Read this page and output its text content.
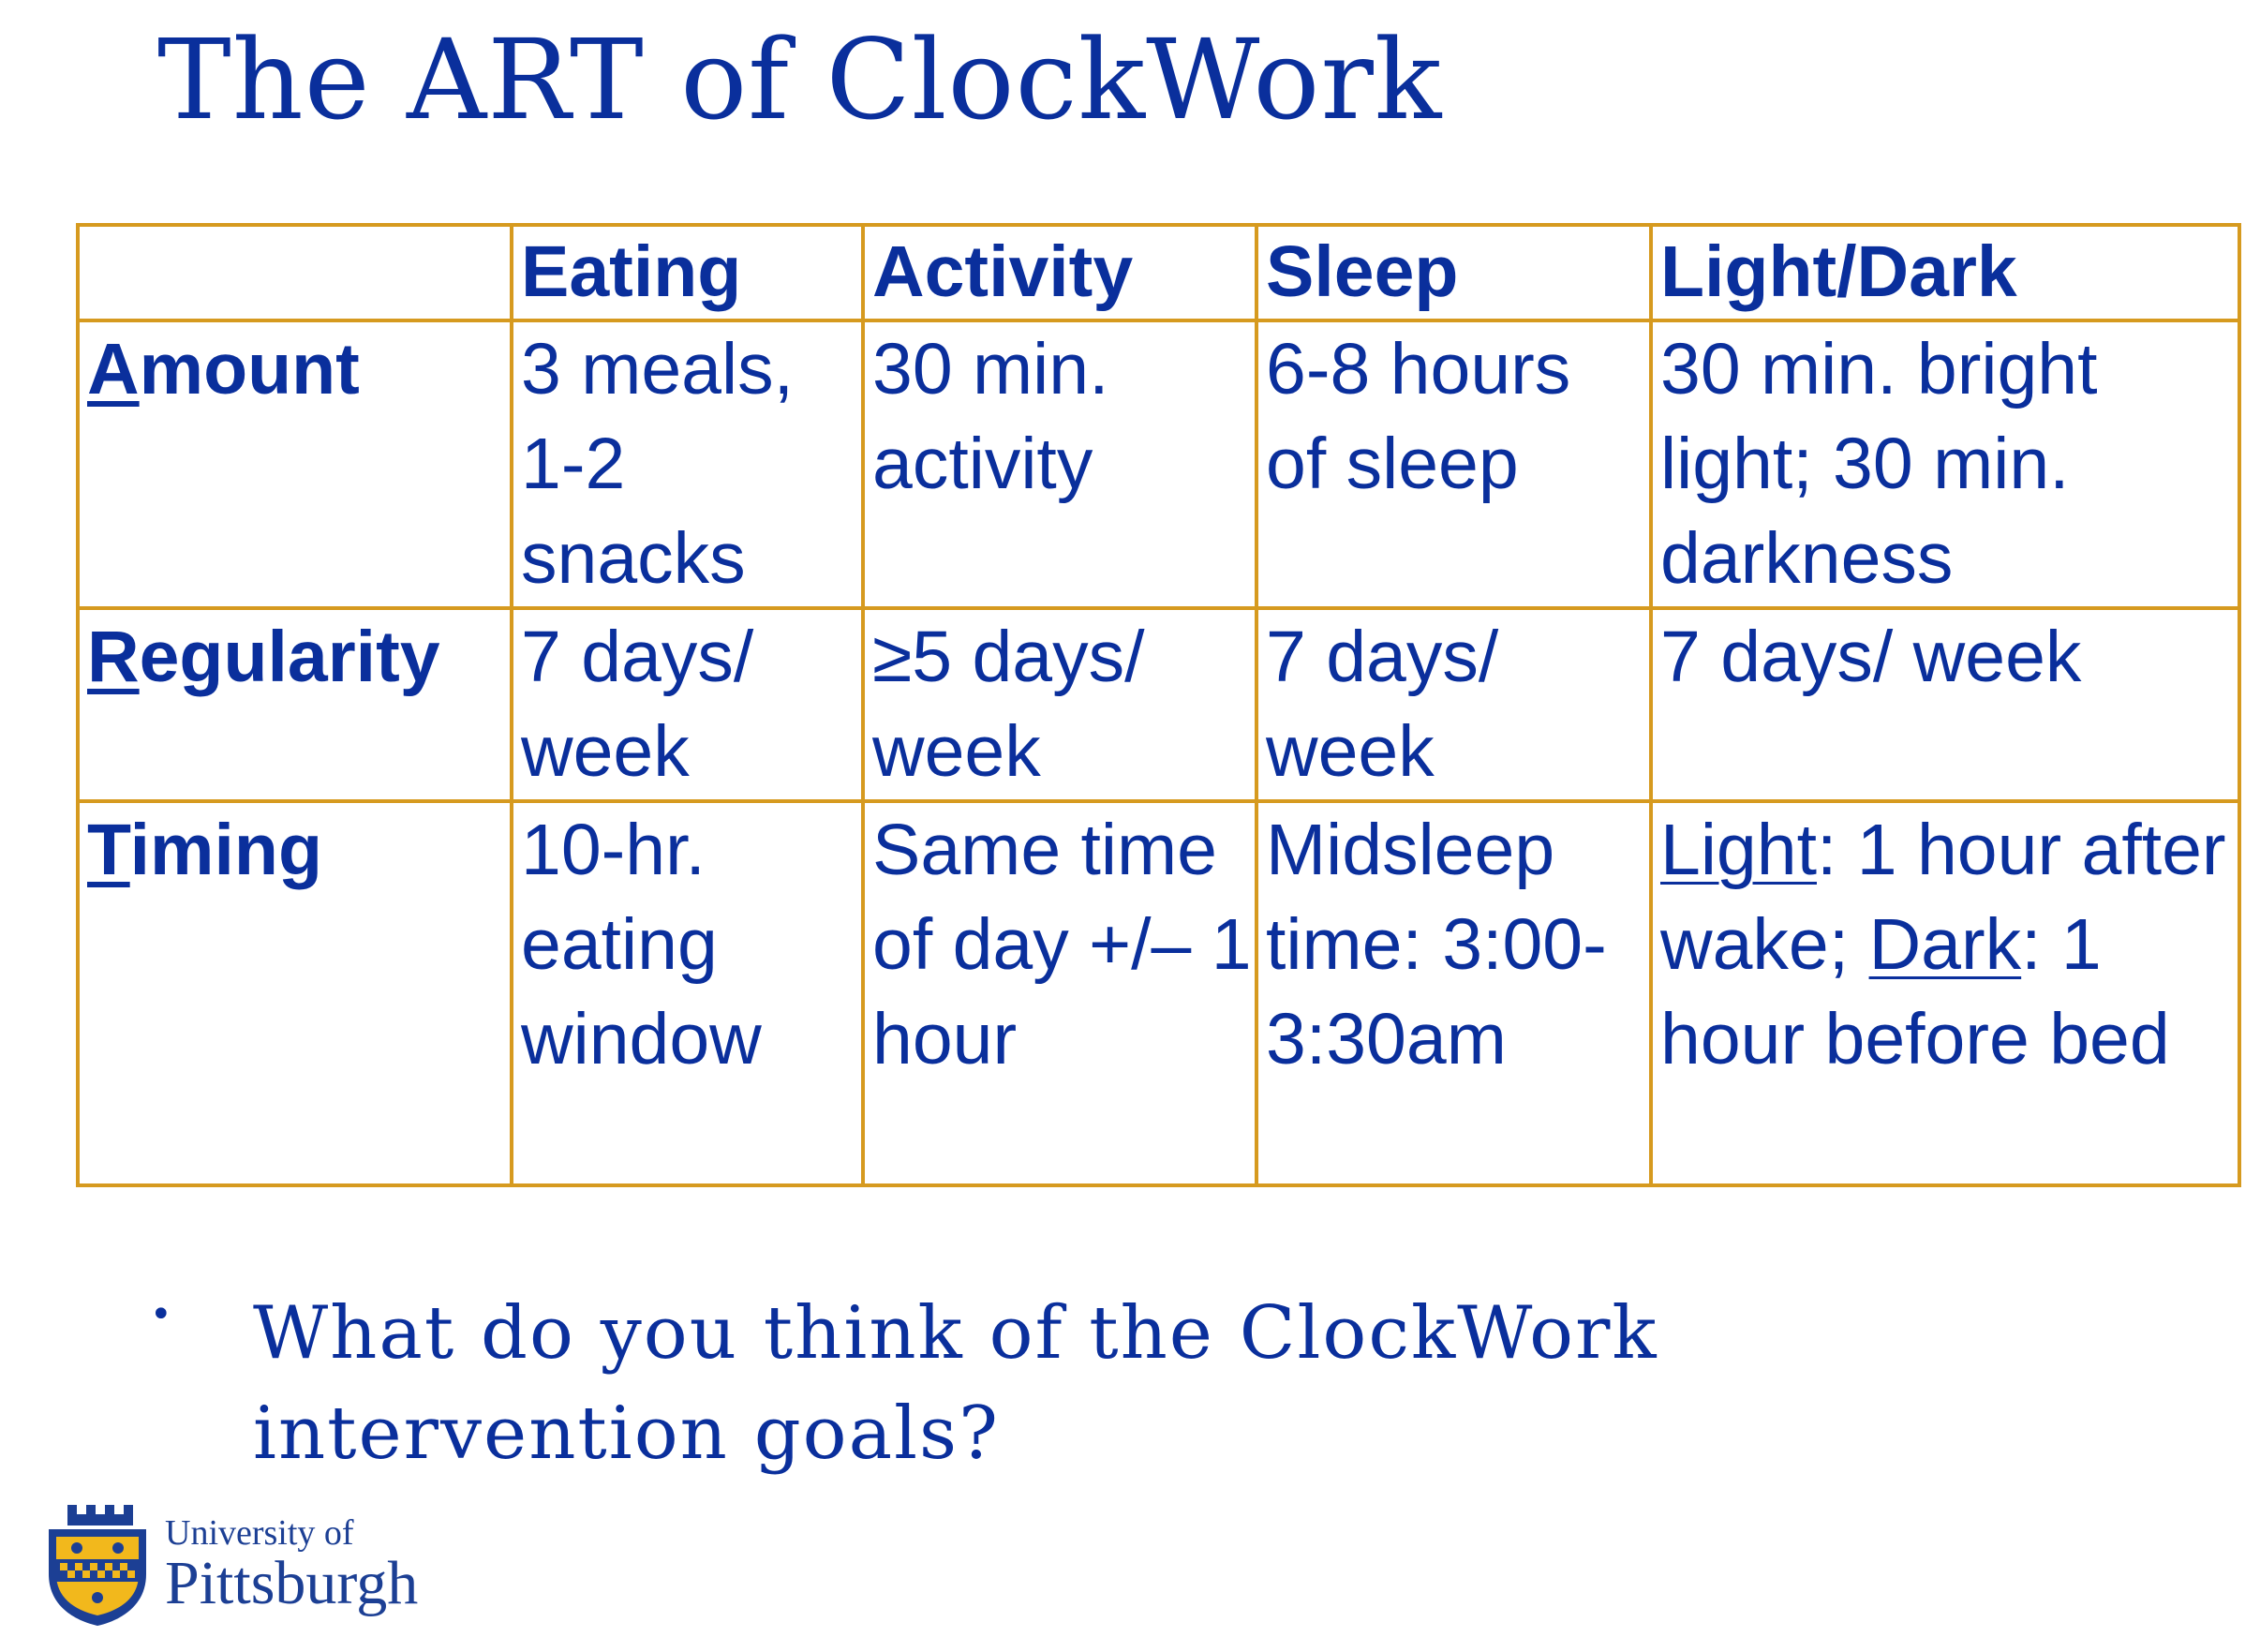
The ART of ClockWork
	Eating	Activity	Sleep	Light/Dark
Amount	3 meals, 1-2 snacks	30 min. activity	6-8 hours of sleep	30 min. bright light; 30 min. darkness
Regularity	7 days/ week	≥5 days/ week	7 days/ week	7 days/ week
Timing	10-hr. eating window	Same time of day +/– 1 hour	Midsleep time: 3:00-3:30am	Light: 1 hour after wake; Dark: 1 hour before bed
• What do you think of the ClockWork intervention goals?
University of
Pittsburgh
